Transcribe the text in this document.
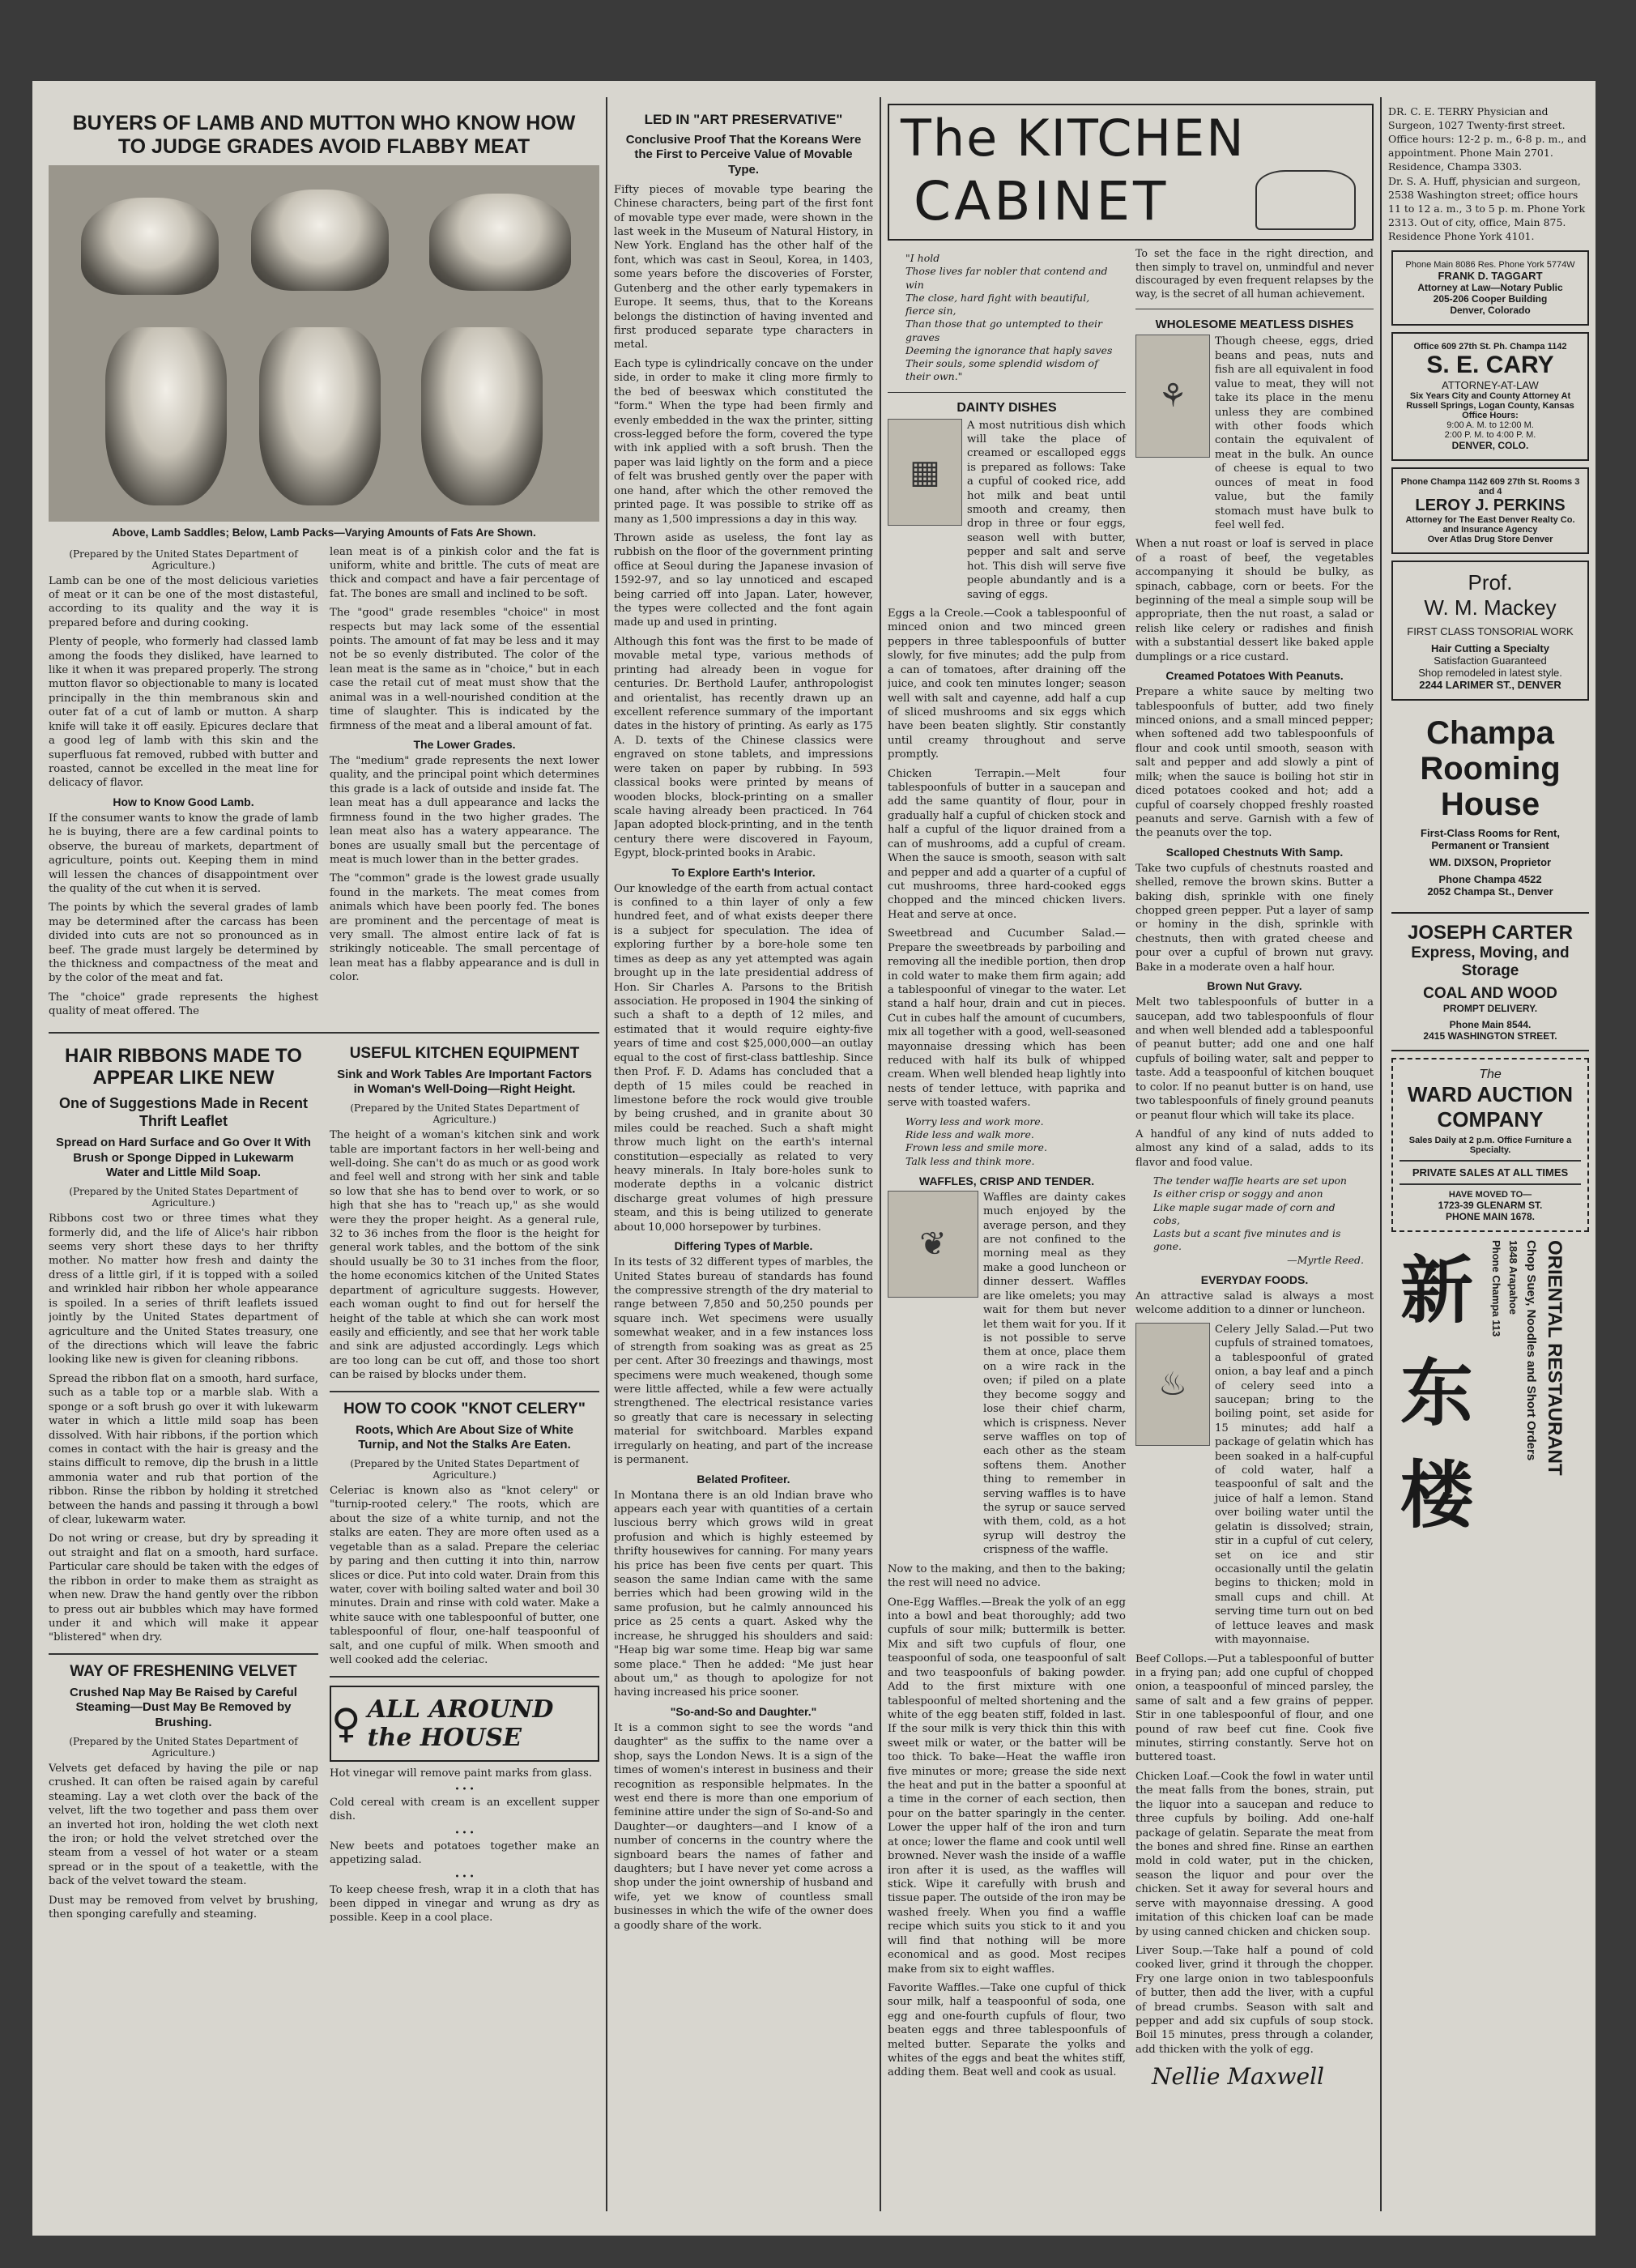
BUYERS OF LAMB AND MUTTON WHO KNOW HOW TO JUDGE GRADES AVOID FLABBY MEAT
Above, Lamb Saddles; Below, Lamb Packs—Varying Amounts of Fats Are Shown.
(Prepared by the United States Department of Agriculture.)

Lamb can be one of the most delicious varieties of meat or it can be one of the most distasteful, according to its quality and the way it is prepared before and during cooking.

Plenty of people, who formerly had classed lamb among the foods they disliked, have learned to like it when it was prepared properly. The strong mutton flavor so objectionable to many is located principally in the thin membranous skin and outer fat of a cut of lamb or mutton. A sharp knife will take it off easily. Epicures declare that a good leg of lamb with this skin and the superfluous fat removed, rubbed with butter and roasted, cannot be excelled in the meat line for delicacy of flavor.

How to Know Good Lamb.

If the consumer wants to know the grade of lamb he is buying, there are a few cardinal points to observe, the bureau of markets, department of agriculture, points out. Keeping them in mind will lessen the chances of disappointment over the quality of the cut when it is served.

The points by which the several grades of lamb may be determined after the carcass has been divided into cuts are not so pronounced as in beef. The grade must largely be determined by the thickness and compactness of the meat and by the color of the meat and fat.

The "choice" grade represents the highest quality of meat offered. The

lean meat is of a pinkish color and the fat is uniform, white and brittle. The cuts of meat are thick and compact and have a fair percentage of fat. The bones are small and inclined to be soft.

The "good" grade resembles "choice" in most respects but may lack some of the essential points. The amount of fat may be less and it may not be so evenly distributed. The color of the lean meat is the same as in "choice," but in each case the retail cut of meat must show that the animal was in a well-nourished condition at the time of slaughter. This is indicated by the firmness of the meat and a liberal amount of fat.

The Lower Grades.

The "medium" grade represents the next lower quality, and the principal point which determines this grade is a lack of outside and inside fat. The lean meat has a dull appearance and lacks the firmness found in the two higher grades. The lean meat also has a watery appearance. The bones are usually small but the percentage of meat is much lower than in the better grades.

The "common" grade is the lowest grade usually found in the markets. The meat comes from animals which have been poorly fed. The bones are prominent and the percentage of meat is very small. The almost entire lack of fat is strikingly noticeable. The small percentage of lean meat has a flabby appearance and is dull in color.

HAIR RIBBONS MADE TO APPEAR LIKE NEW
One of Suggestions Made in Recent Thrift Leaflet
Spread on Hard Surface and Go Over It With Brush or Sponge Dipped in Lukewarm Water and Little Mild Soap.
(Prepared by the United States Department of Agriculture.)

Ribbons cost two or three times what they formerly did, and the life of Alice's hair ribbon seems very short these days to her thrifty mother. No matter how fresh and dainty the dress of a little girl, if it is topped with a soiled and wrinkled hair ribbon her whole appearance is spoiled. In a series of thrift leaflets issued jointly by the United States department of agriculture and the United States treasury, one of the directions which will leave the fabric looking like new is given for cleaning ribbons.

Spread the ribbon flat on a smooth, hard surface, such as a table top or a marble slab. With a sponge or a soft brush go over it with lukewarm water in which a little mild soap has been dissolved. With hair ribbons, if the portion which comes in contact with the hair is greasy and the stains difficult to remove, dip the brush in a little ammonia water and rub that portion of the ribbon. Rinse the ribbon by holding it stretched between the hands and passing it through a bowl of clear, lukewarm water.

Do not wring or crease, but dry by spreading it out straight and flat on a smooth, hard surface. Particular care should be taken with the edges of the ribbon in order to make them as straight as when new. Draw the hand gently over the ribbon to press out air bubbles which may have formed under it and which will make it appear "blistered" when dry.

WAY OF FRESHENING VELVET
Crushed Nap May Be Raised by Careful Steaming—Dust May Be Removed by Brushing.
(Prepared by the United States Department of Agriculture.)

Velvets get defaced by having the pile or nap crushed. It can often be raised again by careful steaming. Lay a wet cloth over the back of the velvet, lift the two together and pass them over an inverted hot iron, holding the wet cloth next the iron; or hold the velvet stretched over the steam from a vessel of hot water or a steam spread or in the spout of a teakettle, with the back of the velvet toward the steam.

Dust may be removed from velvet by brushing, then sponging carefully and steaming.

USEFUL KITCHEN EQUIPMENT
Sink and Work Tables Are Important Factors in Woman's Well-Doing—Right Height.
(Prepared by the United States Department of Agriculture.)

The height of a woman's kitchen sink and work table are important factors in her well-being and well-doing. She can't do as much or as good work and feel well and strong with her sink and table so low that she has to bend over to work, or so high that she has to "reach up," as she would were they the proper height. As a general rule, 32 to 36 inches from the floor is the height for general work tables, and the bottom of the sink should usually be 30 to 31 inches from the floor, the home economics kitchen of the United States department of agriculture suggests. However, each woman ought to find out for herself the height of the table at which she can work most easily and efficiently, and see that her work table and sink are adjusted accordingly. Legs which are too long can be cut off, and those too short can be raised by blocks under them.

HOW TO COOK "KNOT CELERY"
Roots, Which Are About Size of White Turnip, and Not the Stalks Are Eaten.
(Prepared by the United States Department of Agriculture.)

Celeriac is known also as "knot celery" or "turnip-rooted celery." The roots, which are about the size of a white turnip, and not the stalks are eaten. They are more often used as a vegetable than as a salad. Prepare the celeriac by paring and then cutting it into thin, narrow slices or dice. Put into cold water. Drain from this water, cover with boiling salted water and boil 30 minutes. Drain and rinse with cold water. Make a white sauce with one tablespoonful of butter, one tablespoonful of flour, one-half teaspoonful of salt, and one cupful of milk. When smooth and well cooked add the celeriac.

♀ ALL AROUND the HOUSE

Hot vinegar will remove paint marks from glass.

• • •

Cold cereal with cream is an excellent supper dish.

• • •

New beets and potatoes together make an appetizing salad.

• • •

To keep cheese fresh, wrap it in a cloth that has been dipped in vinegar and wrung as dry as possible. Keep in a cool place.

LED IN "ART PRESERVATIVE"
Conclusive Proof That the Koreans Were the First to Perceive Value of Movable Type.

Fifty pieces of movable type bearing the Chinese characters, being part of the first font of movable type ever made, were shown in the last week in the Museum of Natural History, in New York. England has the other half of the font, which was cast in Seoul, Korea, in 1403, some years before the discoveries of Forster, Gutenberg and the other early typemakers in Europe. It seems, thus, that to the Koreans belongs the distinction of having invented and first produced separate type characters in metal.

Each type is cylindrically concave on the under side, in order to make it cling more firmly to the bed of beeswax which constituted the "form." When the type had been firmly and evenly embedded in the wax the printer, sitting cross-legged before the form, covered the type with ink applied with a soft brush. Then the paper was laid lightly on the form and a piece of felt was brushed gently over the paper with one hand, after which the other removed the printed page. It was possible to strike off as many as 1,500 impressions a day in this way.

Thrown aside as useless, the font lay as rubbish on the floor of the government printing office at Seoul during the Japanese invasion of 1592-97, and so lay unnoticed and escaped being carried off into Japan. Later, however, the types were collected and the font again made up and used in printing.

Although this font was the first to be made of movable metal type, various methods of printing had already been in vogue for centuries. Dr. Berthold Laufer, anthropologist and orientalist, has recently drawn up an excellent reference summary of the important dates in the history of printing. As early as 175 A. D. texts of the Chinese classics were engraved on stone tablets, and impressions were taken on paper by rubbing. In 593 classical books were printed by means of wooden blocks, block-printing on a smaller scale having already been practiced. In 764 Japan adopted block-printing, and in the tenth century there were discovered in Fayoum, Egypt, block-printed books in Arabic.

To Explore Earth's Interior.

Our knowledge of the earth from actual contact is confined to a thin layer of only a few hundred feet, and of what exists deeper there is a subject for speculation. The idea of exploring further by a bore-hole some ten times as deep as any yet attempted was again brought up in the late presidential address of Hon. Sir Charles A. Parsons to the British association. He proposed in 1904 the sinking of such a shaft to a depth of 12 miles, and estimated that it would require eighty-five years of time and cost $25,000,000—an outlay equal to the cost of first-class battleship. Since then Prof. F. D. Adams has concluded that a depth of 15 miles could be reached in limestone before the rock would give trouble by being crushed, and in granite about 30 miles could be reached. Such a shaft might throw much light on the earth's internal constitution—especially as related to very heavy minerals. In Italy bore-holes sunk to moderate depths in a volcanic district discharge great volumes of high pressure steam, and this is being utilized to generate about 10,000 horsepower by turbines.

Differing Types of Marble.

In its tests of 32 different types of marbles, the United States bureau of standards has found the compressive strength of the dry material to range between 7,850 and 50,250 pounds per square inch. Wet specimens were usually somewhat weaker, and in a few instances loss of strength from soaking was as great as 25 per cent. After 30 freezings and thawings, most specimens were much weakened, though some were little affected, while a few were actually strengthened. The electrical resistance varies so greatly that care is necessary in selecting material for switchboard. Marbles expand irregularly on heating, and part of the increase is permanent.

Belated Profiteer.

In Montana there is an old Indian brave who appears each year with quantities of a certain luscious berry which grows wild in great profusion and which is highly esteemed by thrifty housewives for canning. For many years his price has been five cents per quart. This season the same Indian came with the same berries which had been growing wild in the same profusion, but he calmly announced his price as 25 cents a quart. Asked why the increase, he shrugged his shoulders and said: "Heap big war some time. Heap big war same some place." Then he added: "Me just hear about um," as though to apologize for not having increased his price sooner.

"So-and-So and Daughter."

It is a common sight to see the words "and daughter" as the suffix to the name over a shop, says the London News. It is a sign of the times of women's interest in business and their recognition as responsible helpmates. In the west end there is more than one emporium of feminine attire under the sign of So-and-So and Daughter—or daughters—and I know of a number of concerns in the country where the signboard bears the names of father and daughters; but I have never yet come across a shop under the joint ownership of husband and wife, yet we know of countless small businesses in which the wife of the owner does a goodly share of the work.

The KITCHEN
CABINET
"I hold
Those lives far nobler that contend and win
The close, hard fight with beautiful, fierce sin,
Than those that go untempted to their graves
Deeming the ignorance that haply saves
Their souls, some splendid wisdom of their own."
DAINTY DISHES
▦

A most nutritious dish which will take the place of creamed or escalloped eggs is prepared as follows: Take a cupful of cooked rice, add hot milk and beat until smooth and creamy, then drop in three or four eggs, season well with butter, pepper and salt and serve hot. This dish will serve five people abundantly and is a saving of eggs.

Eggs a la Creole.—Cook a tablespoonful of minced onion and two minced green peppers in three tablespoonfuls of butter slowly, for five minutes; add the pulp from a can of tomatoes, after draining off the juice, and cook ten minutes longer; season well with salt and cayenne, add half a cup of sliced mushrooms and six eggs which have been beaten slightly. Stir constantly until creamy throughout and serve promptly.

Chicken Terrapin.—Melt four tablespoonfuls of butter in a saucepan and add the same quantity of flour, pour in gradually half a cupful of chicken stock and half a cupful of the liquor drained from a can of mushrooms, add a cupful of cream. When the sauce is smooth, season with salt and pepper and add a quarter of a cupful of cut mushrooms, three hard-cooked eggs chopped and the minced chicken livers. Heat and serve at once.

Sweetbread and Cucumber Salad.—Prepare the sweetbreads by parboiling and removing all the inedible portion, then drop in cold water to make them firm again; add a tablespoonful of vinegar to the water. Let stand a half hour, drain and cut in pieces. Cut in cubes half the amount of cucumbers, mix all together with a good, well-seasoned mayonnaise dressing which has been reduced with half its bulk of whipped cream. When well blended heap lightly into nests of tender lettuce, with paprika and serve with toasted wafers.

Worry less and work more.
Ride less and walk more.
Frown less and smile more.
Talk less and think more.
WAFFLES, CRISP AND TENDER.
❦

Waffles are dainty cakes much enjoyed by the average person, and they are not confined to the morning meal as they make a good luncheon or dinner dessert. Waffles are like omelets; you may wait for them but never let them wait for you. If it is not possible to serve them at once, place them on a wire rack in the oven; if piled on a plate they become soggy and lose their chief charm, which is crispness. Never serve waffles on top of each other as the steam softens them. Another thing to remember in serving waffles is to have the syrup or sauce served with them, cold, as a hot syrup will destroy the crispness of the waffle.

Now to the making, and then to the baking; the rest will need no advice.

One-Egg Waffles.—Break the yolk of an egg into a bowl and beat thoroughly; add two cupfuls of sour milk; buttermilk is better. Mix and sift two cupfuls of flour, one teaspoonful of soda, one teaspoonful of salt and two teaspoonfuls of baking powder. Add to the first mixture with one tablespoonful of melted shortening and the white of the egg beaten stiff, folded in last. If the sour milk is very thick thin this with sweet milk or water, or the batter will be too thick. To bake—Heat the waffle iron five minutes or more; grease the side next the heat and put in the batter a spoonful at a time in the corner of each section, then pour on the batter sparingly in the center. Lower the upper half of the iron and turn at once; lower the flame and cook until well browned. Never wash the inside of a waffle iron after it is used, as the waffles will stick. Wipe it carefully with brush and tissue paper. The outside of the iron may be washed freely. When you find a waffle recipe which suits you stick to it and you will find that nothing will be more economical and as good. Most recipes make from six to eight waffles.

Favorite Waffles.—Take one cupful of thick sour milk, half a teaspoonful of soda, one egg and one-fourth cupfuls of flour, two beaten eggs and three tablespoonfuls of melted butter. Separate the yolks and whites of the eggs and beat the whites stiff, adding them. Beat well and cook as usual.

To set the face in the right direction, and then simply to travel on, unmindful and never discouraged by even frequent relapses by the way, is the secret of all human achievement.

WHOLESOME MEATLESS DISHES
⚘

Though cheese, eggs, dried beans and peas, nuts and fish are all equivalent in food value to meat, they will not take its place in the menu unless they are combined with other foods which contain the equivalent of meat in the bulk. An ounce of cheese is equal to two ounces of meat in food value, but the family stomach must have bulk to feel well fed.

When a nut roast or loaf is served in place of a roast of beef, the vegetables accompanying it should be bulky, as spinach, cabbage, corn or beets. For the beginning of the meal a simple soup will be appropriate, then the nut roast, a salad or relish like celery or radishes and finish with a substantial dessert like baked apple dumplings or a rice custard.

Creamed Potatoes With Peanuts.

Prepare a white sauce by melting two tablespoonfuls of butter, add two finely minced onions, and a small minced pepper; when softened add two tablespoonfuls of flour and cook until smooth, season with salt and pepper and add slowly a pint of milk; when the sauce is boiling hot stir in diced potatoes cooked and hot; add a cupful of coarsely chopped freshly roasted peanuts and serve. Garnish with a few of the peanuts over the top.

Scalloped Chestnuts With Samp.

Take two cupfuls of chestnuts roasted and shelled, remove the brown skins. Butter a baking dish, sprinkle with one finely chopped green pepper. Put a layer of samp or hominy in the dish, sprinkle with chestnuts, then with grated cheese and pour over a cupful of brown nut gravy. Bake in a moderate oven a half hour.

Brown Nut Gravy.

Melt two tablespoonfuls of butter in a saucepan, add two tablespoonfuls of flour and when well blended add a tablespoonful of peanut butter; add one and one half cupfuls of boiling water, salt and pepper to taste. Add a teaspoonful of kitchen bouquet to color. If no peanut butter is on hand, use two tablespoonfuls of finely ground peanuts or peanut flour which will take its place.

A handful of any kind of nuts added to almost any kind of a salad, adds to its flavor and food value.

The tender waffle hearts are set upon
Is either crisp or soggy and anon
Like maple sugar made of corn and cobs,
Lasts but a scant five minutes and is gone.
—Myrtle Reed.
EVERYDAY FOODS.

An attractive salad is always a most welcome addition to a dinner or luncheon.

♨

Celery Jelly Salad.—Put two cupfuls of strained tomatoes, a tablespoonful of grated onion, a bay leaf and a pinch of celery seed into a saucepan; bring to the boiling point, set aside for 15 minutes; add half a package of gelatin which has been soaked in a half-cupful of cold water, half a teaspoonful of salt and the juice of half a lemon. Stand over boiling water until the gelatin is dissolved; strain, stir in a cupful of cut celery, set on ice and stir occasionally until the gelatin begins to thicken; mold in small cups and chill. At serving time turn out on bed of lettuce leaves and mask with mayonnaise.

Beef Collops.—Put a tablespoonful of butter in a frying pan; add one cupful of chopped onion, a teaspoonful of minced parsley, the same of salt and a few grains of pepper. Stir in one tablespoonful of flour, and one pound of raw beef cut fine. Cook five minutes, stirring constantly. Serve hot on buttered toast.

Chicken Loaf.—Cook the fowl in water until the meat falls from the bones, strain, put the liquor into a saucepan and reduce to three cupfuls by boiling. Add one-half package of gelatin. Separate the meat from the bones and shred fine. Rinse an earthen mold in cold water, put in the chicken, season the liquor and pour over the chicken. Set it away for several hours and serve with mayonnaise dressing. A good imitation of this chicken loaf can be made by using canned chicken and chicken soup.

Liver Soup.—Take half a pound of cold cooked liver, grind it through the chopper. Fry one large onion in two tablespoonfuls of butter, then add the liver, with a cupful of bread crumbs. Season with salt and pepper and add six cupfuls of soup stock. Boil 15 minutes, press through a colander, add thicken with the yolk of egg.

Nellie Maxwell

DR. C. E. TERRY Physician and Surgeon, 1027 Twenty-first street. Office hours: 12-2 p. m., 6-8 p. m., and appointment. Phone Main 2701. Residence, Champa 3303.

Dr. S. A. Huff, physician and surgeon, 2538 Washington street; office hours 11 to 12 a. m., 3 to 5 p. m. Phone York 2313. Out of city, office, Main 875. Residence Phone York 4101.

Phone Main 8086 Res. Phone York 5774W
FRANK D. TAGGART
Attorney at Law—Notary Public
205-206 Cooper Building
Denver, Colorado
Office 609 27th St. Ph. Champa 1142
S. E. CARY
ATTORNEY-AT-LAW
Six Years City and County Attorney At Russell Springs, Logan County, Kansas
Office Hours:
9:00 A. M. to 12:00 M.
2:00 P. M. to 4:00 P. M.
DENVER, COLO.
Phone Champa 1142 609 27th St. Rooms 3 and 4
LEROY J. PERKINS
Attorney for The East Denver Realty Co.
and Insurance Agency
Over Atlas Drug Store Denver
Prof.
W. M. Mackey
FIRST CLASS TONSORIAL WORK
Hair Cutting a Specialty
Satisfaction Guaranteed
Shop remodeled in latest style.
2244 LARIMER ST., DENVER
Champa
Rooming
House
First-Class Rooms for Rent, Permanent or Transient
WM. DIXSON, Proprietor
Phone Champa 4522
2052 Champa St., Denver
JOSEPH CARTER
Express, Moving, and Storage
COAL AND WOOD
PROMPT DELIVERY.
Phone Main 8544.
2415 WASHINGTON STREET.
The
WARD AUCTION
COMPANY
Sales Daily at 2 p.m. Office Furniture a Specialty.
PRIVATE SALES AT ALL TIMES
HAVE MOVED TO—
1723-39 GLENARM ST.
PHONE MAIN 1678.
新
东
楼
Phone Champa 113 1848 Arapahoe Chop Suey, Noodles and Short Orders ORIENTAL RESTAURANT
